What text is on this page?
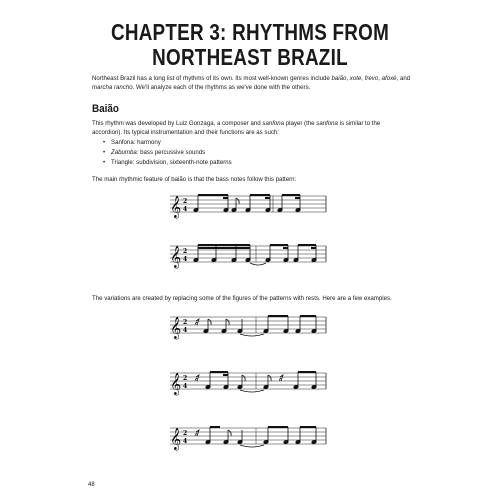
CHAPTER 3: RHYTHMS FROM
NORTHEAST BRAZIL

Northeast Brazil has a long list of rhythms of its own. Its most well-known genres include baião, xote, frevo, afoxé, and marcha rancho. We'll analyze each of the rhythms as we've done with the others.

Baião

This rhythm was developed by Luiz Gonzaga, a composer and sanfona player (the sanfona is similar to the accordion). Its typical instrumentation and their functions are as such:

• Sanfona: harmony
• Zabumba: bass percussive sounds
• Triangle: subdivision, sixteenth-note patterns

The main rhythmic feature of baião is that the bass notes follow this pattern:

𝄞 2
4
𝄞 2
4

The variations are created by replacing some of the figures of the patterns with rests. Here are a few examples.

𝄞 2
4
𝄞 2
4
𝄞 2
4
48
